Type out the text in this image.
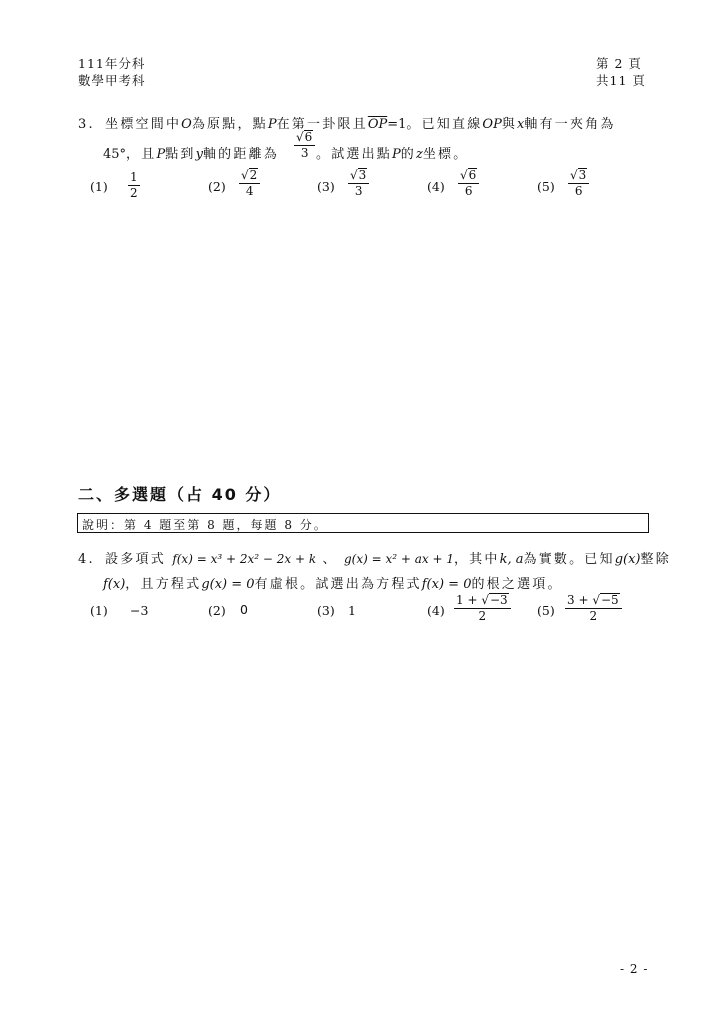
111年分科
數學甲考科
第 2 頁
共11 頁
3. 坐標空間中O為原點，點P在第一卦限且$\overline{OP}=1$。已知直線OP與x軸有一夾角為
45°，且P點到y軸的距離為 $\frac{√6}{3}$ 。試選出點P的z坐標。
$(1) \frac{1}{2}$	$(2) \frac{√2}{4}$	$(3) \frac{√3}{3}$	$(4) \frac{√6}{6}$	$(5) \frac{√3}{6}$
二、多選題（占 40 分）
說明：第 4 題至第 8 題，每題 8 分。
4. 設多項式 f(x) = x³ + 2x² − 2x + k 、 g(x) = x² + ax + 1，其中k, a為實數。已知g(x)整除
f(x)，且方程式g(x) = 0有虛根。試選出為方程式f(x) = 0的根之選項。
(1) −3	(2) 0	(3) 1	$(4) \frac{1 + √-3}{2} (5) \frac{3 + √-5}{2}$
- 2 -
